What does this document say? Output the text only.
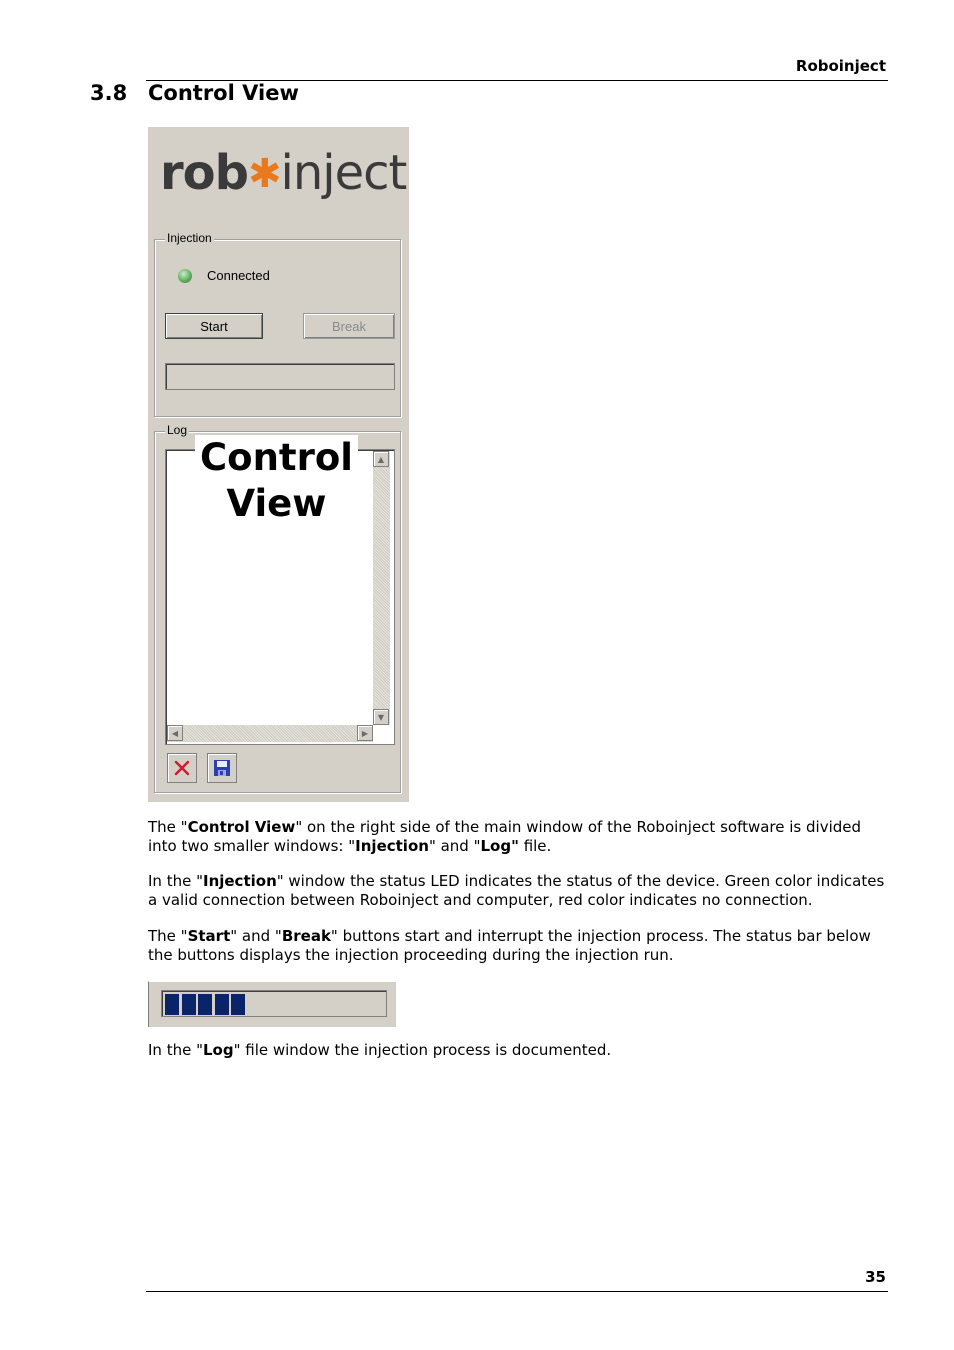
Roboinject
3.8 Control View
rob✱inject
Injection
Connected
Start	Break
Log
▲
▼
◀	▶
Control
View
The "Control View" on the right side of the main window of the Roboinject software is divided into two smaller windows: "Injection" and "Log" file.
In the "Injection" window the status LED indicates the status of the device. Green color indicates a valid connection between Roboinject and computer, red color indicates no connection.
The "Start" and "Break" buttons start and interrupt the injection process. The status bar below the buttons displays the injection proceeding during the injection run.
In the "Log" file window the injection process is documented.
35
